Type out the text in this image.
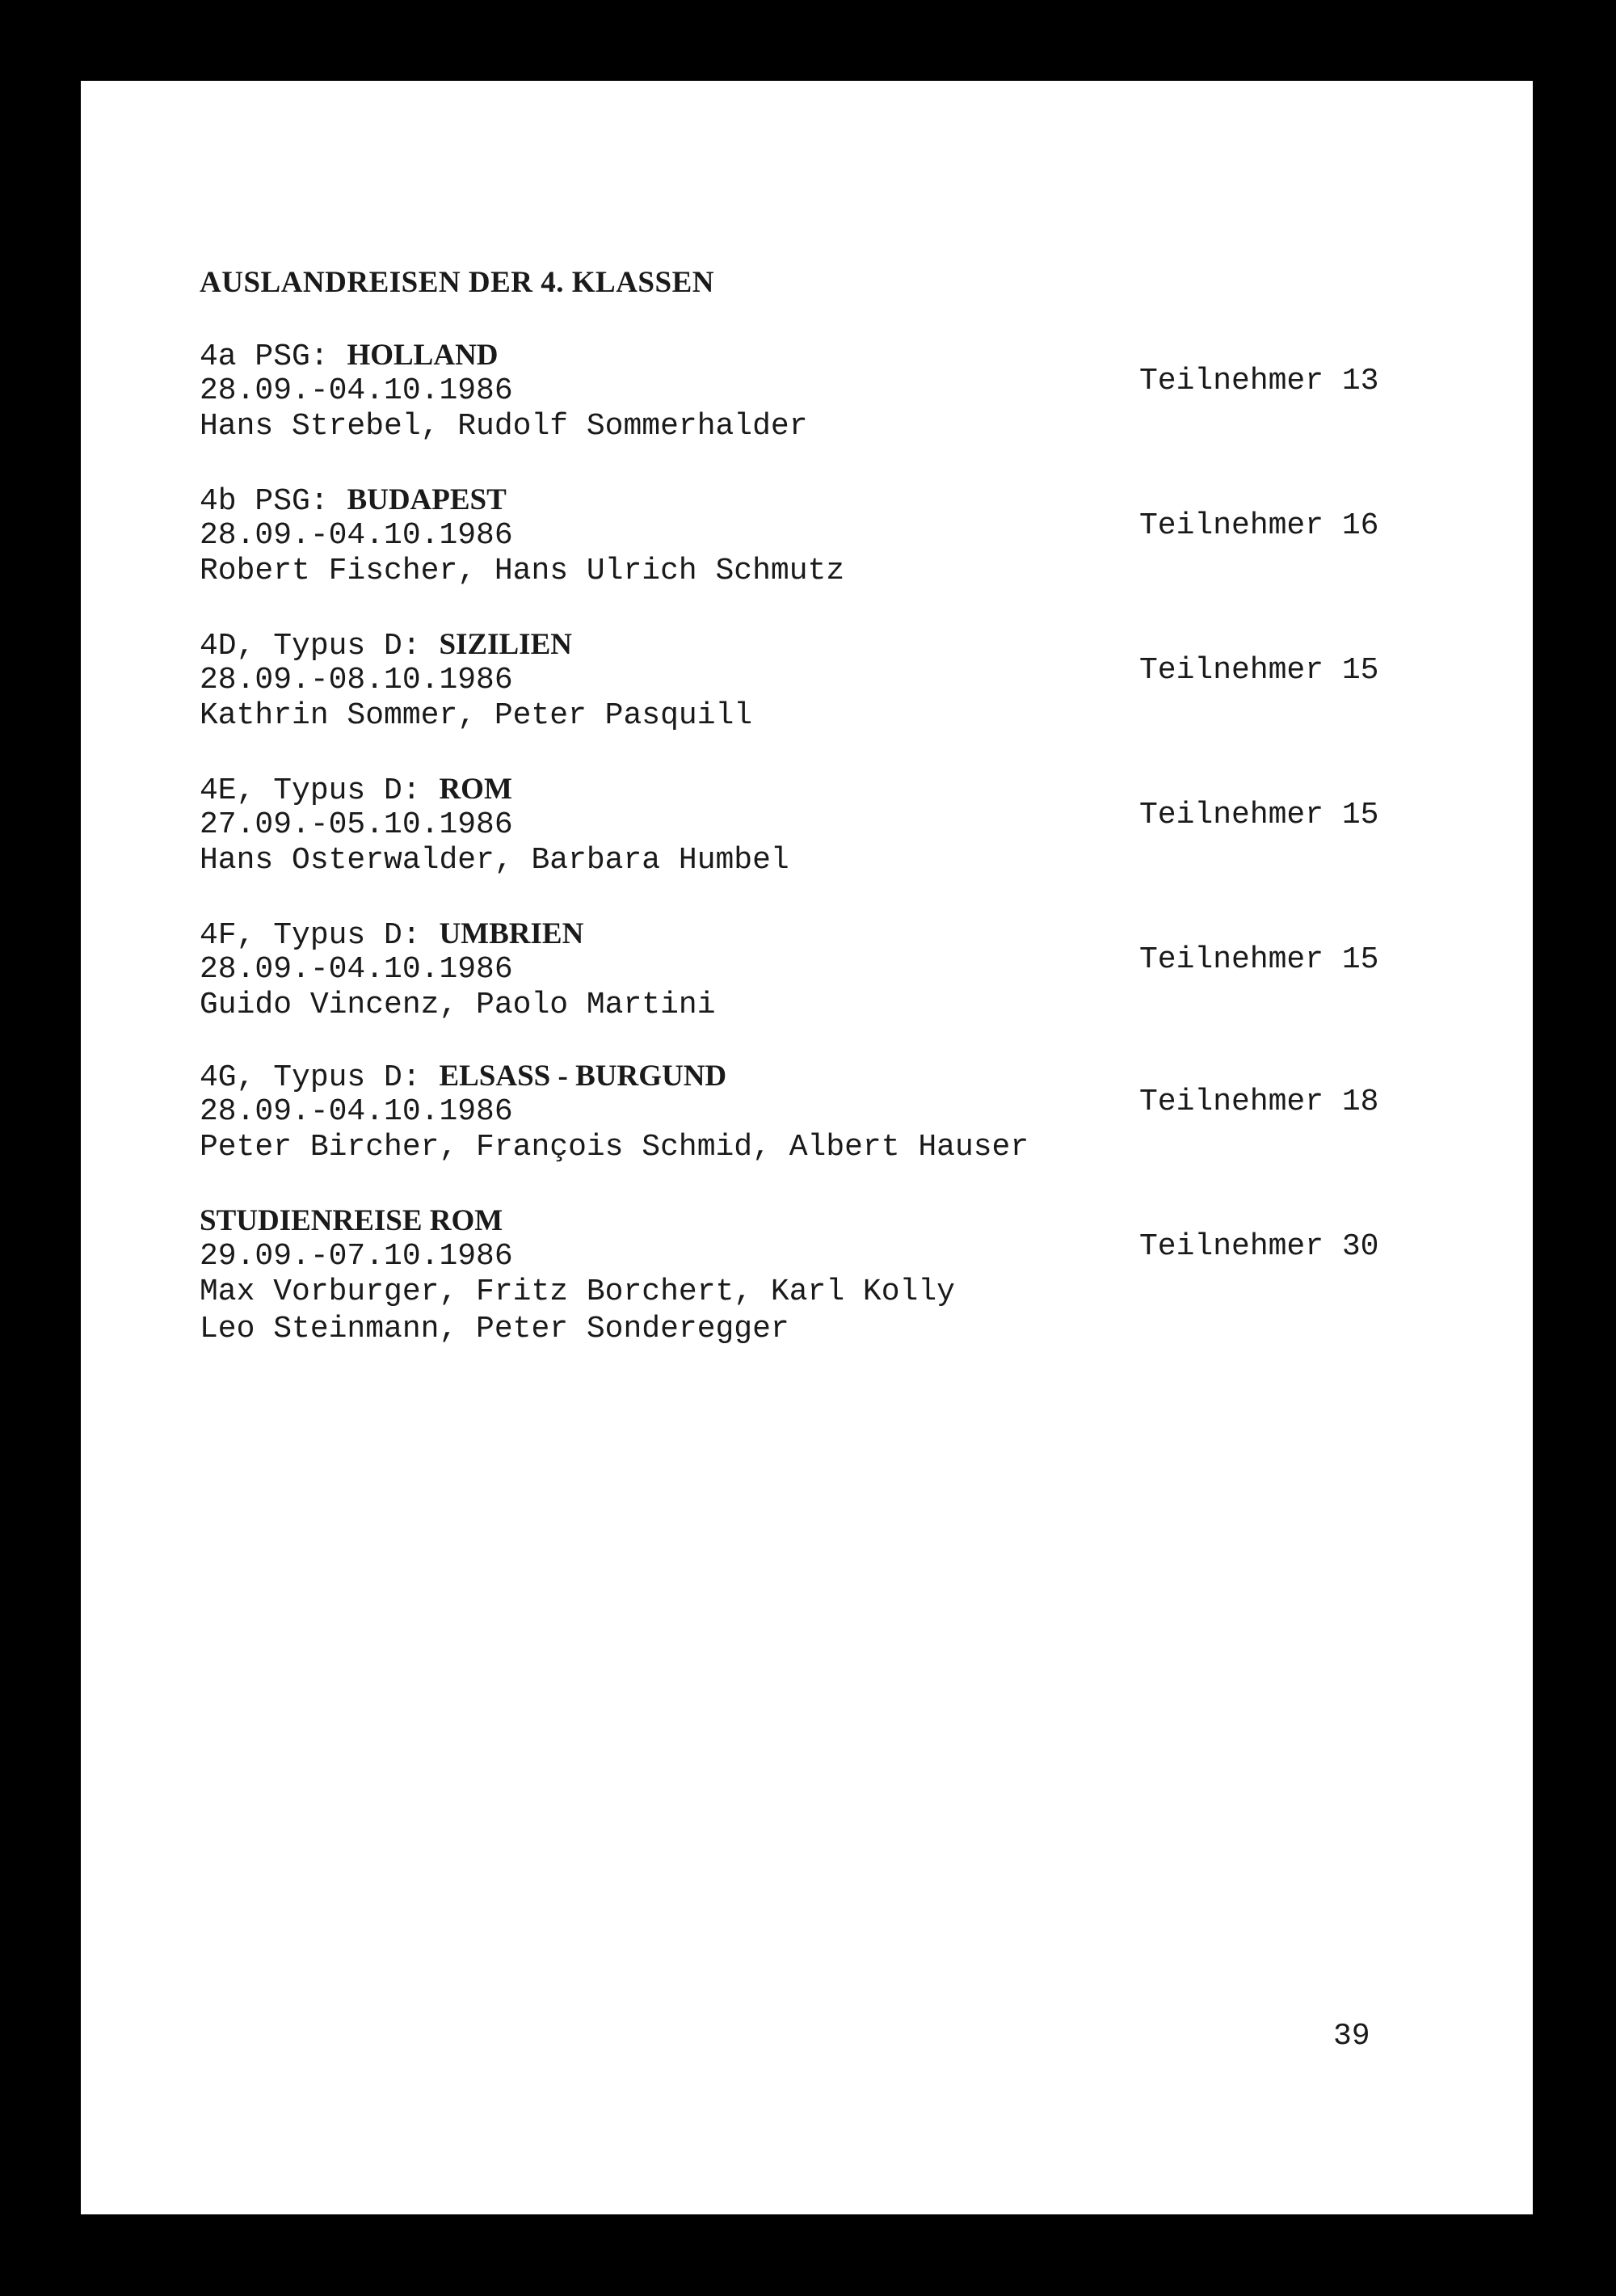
AUSLANDREISEN DER 4. KLASSEN
4a PSG: HOLLAND
28.09.-04.10.1986
Hans Strebel, Rudolf Sommerhalder
Teilnehmer 13
4b PSG: BUDAPEST
28.09.-04.10.1986
Robert Fischer, Hans Ulrich Schmutz
Teilnehmer 16
4D, Typus D: SIZILIEN
28.09.-08.10.1986
Kathrin Sommer, Peter Pasquill
Teilnehmer 15
4E, Typus D: ROM
27.09.-05.10.1986
Hans Osterwalder, Barbara Humbel
Teilnehmer 15
4F, Typus D: UMBRIEN
28.09.-04.10.1986
Guido Vincenz, Paolo Martini
Teilnehmer 15
4G, Typus D: ELSASS - BURGUND
28.09.-04.10.1986
Peter Bircher, François Schmid, Albert Hauser
Teilnehmer 18
STUDIENREISE ROM
29.09.-07.10.1986
Max Vorburger, Fritz Borchert, Karl Kolly
Leo Steinmann, Peter Sonderegger
Teilnehmer 30
39
